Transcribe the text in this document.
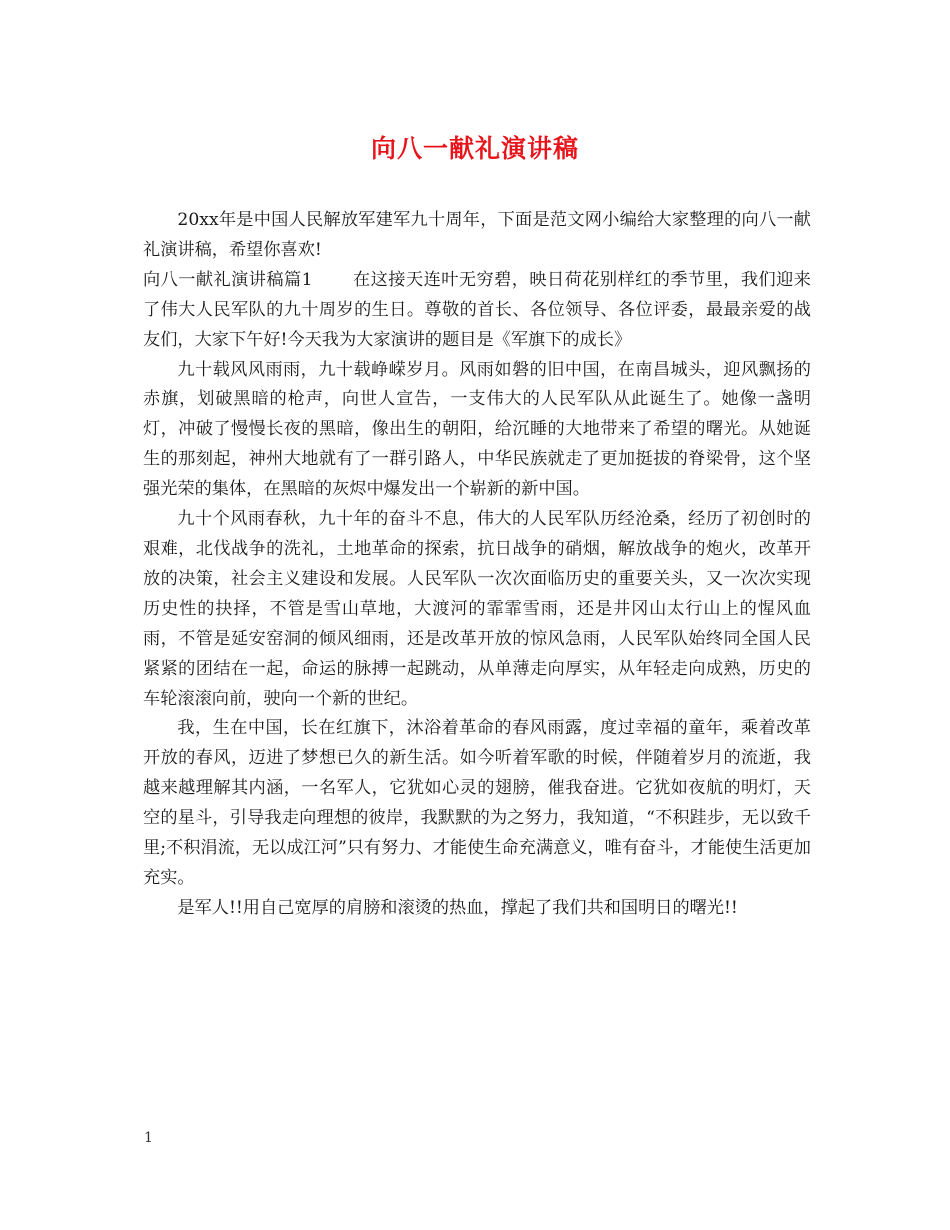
向八一献礼演讲稿

20xx年是中国人民解放军建军九十周年，下面是范文网小编给大家整理的向八一献礼演讲稿，希望你喜欢!

向八一献礼演讲稿篇1 在这接天连叶无穷碧，映日荷花别样红的季节里，我们迎来了伟大人民军队的九十周岁的生日。尊敬的首长、各位领导、各位评委，最最亲爱的战友们，大家下午好!今天我为大家演讲的题目是《军旗下的成长》

九十载风风雨雨，九十载峥嵘岁月。风雨如磐的旧中国，在南昌城头，迎风飘扬的赤旗，划破黑暗的枪声，向世人宣告，一支伟大的人民军队从此诞生了。她像一盏明灯，冲破了慢慢长夜的黑暗，像出生的朝阳，给沉睡的大地带来了希望的曙光。从她诞生的那刻起，神州大地就有了一群引路人，中华民族就走了更加挺拔的脊梁骨，这个坚强光荣的集体，在黑暗的灰烬中爆发出一个崭新的新中国。

九十个风雨春秋，九十年的奋斗不息，伟大的人民军队历经沧桑，经历了初创时的艰难，北伐战争的洗礼，土地革命的探索，抗日战争的硝烟，解放战争的炮火，改革开放的决策，社会主义建设和发展。人民军队一次次面临历史的重要关头，又一次次实现历史性的抉择，不管是雪山草地，大渡河的霏霏雪雨，还是井冈山太行山上的惺风血雨，不管是延安窑洞的倾风细雨，还是改革开放的惊风急雨，人民军队始终同全国人民紧紧的团结在一起，命运的脉搏一起跳动，从单薄走向厚实，从年轻走向成熟，历史的车轮滚滚向前，驶向一个新的世纪。

我，生在中国，长在红旗下，沐浴着革命的春风雨露，度过幸福的童年，乘着改革开放的春风，迈进了梦想已久的新生活。如今听着军歌的时候，伴随着岁月的流逝，我越来越理解其内涵，一名军人，它犹如心灵的翅膀，催我奋进。它犹如夜航的明灯，天空的星斗，引导我走向理想的彼岸，我默默的为之努力，我知道，“不积跬步，无以致千里;不积涓流，无以成江河”只有努力、才能使生命充满意义，唯有奋斗，才能使生活更加充实。

是军人!!用自己宽厚的肩膀和滚烫的热血，撑起了我们共和国明日的曙光!!

1
